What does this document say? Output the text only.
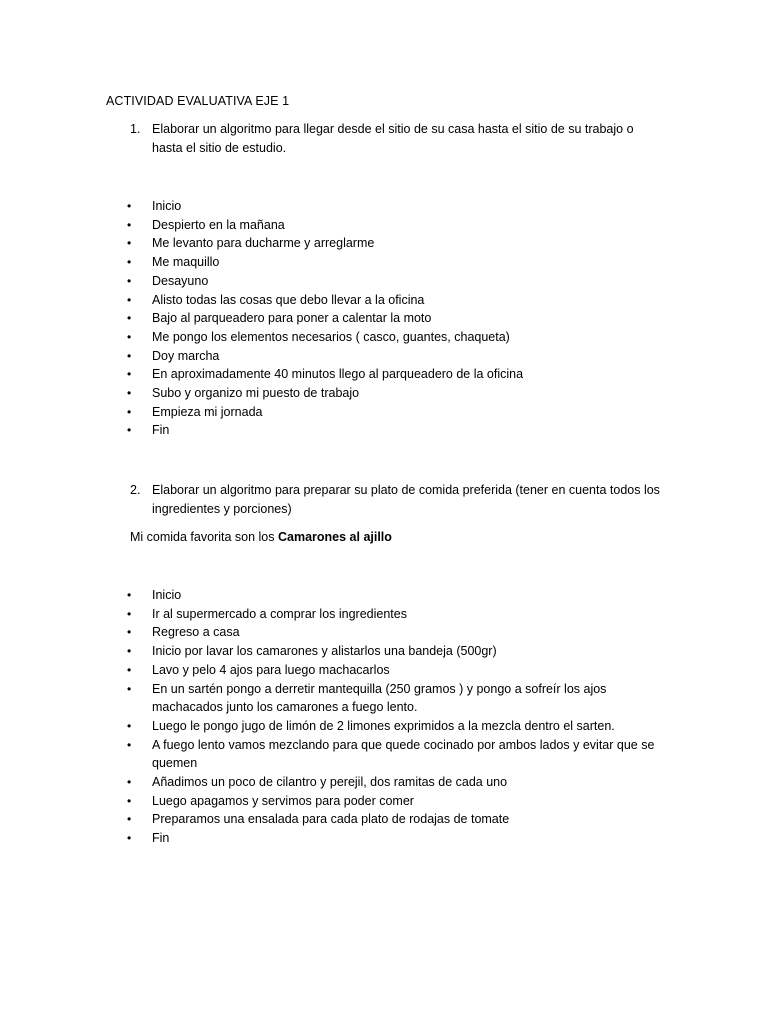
ACTIVIDAD EVALUATIVA EJE 1
1. Elaborar un algoritmo para llegar desde el sitio de su casa hasta el sitio de su trabajo o hasta el sitio de estudio.
• Inicio
• Despierto en la mañana
• Me levanto para ducharme y arreglarme
• Me maquillo
• Desayuno
• Alisto todas las cosas que debo llevar a la oficina
• Bajo al parqueadero para poner a calentar la moto
• Me pongo los elementos necesarios ( casco, guantes, chaqueta)
• Doy marcha
• En aproximadamente 40 minutos llego al parqueadero de la oficina
• Subo y organizo mi puesto de trabajo
• Empieza mi jornada
• Fin
2. Elaborar un algoritmo para preparar su plato de comida preferida (tener en cuenta todos los ingredientes y porciones)
Mi comida favorita son los Camarones al ajillo
• Inicio
• Ir al supermercado a comprar los ingredientes
• Regreso a casa
• Inicio por lavar los camarones y alistarlos una bandeja (500gr)
• Lavo y pelo 4 ajos para luego machacarlos
• En un sartén pongo a derretir mantequilla (250 gramos ) y pongo a sofreír los ajos machacados junto los camarones a fuego lento.
• Luego le pongo jugo de limón de 2 limones exprimidos a la mezcla dentro el sarten.
• A fuego lento vamos mezclando para que quede cocinado por ambos lados y evitar que se quemen
• Añadimos un poco de cilantro y perejil, dos ramitas de cada uno
• Luego apagamos y servimos para poder comer
• Preparamos una ensalada para cada plato de rodajas de tomate
• Fin
